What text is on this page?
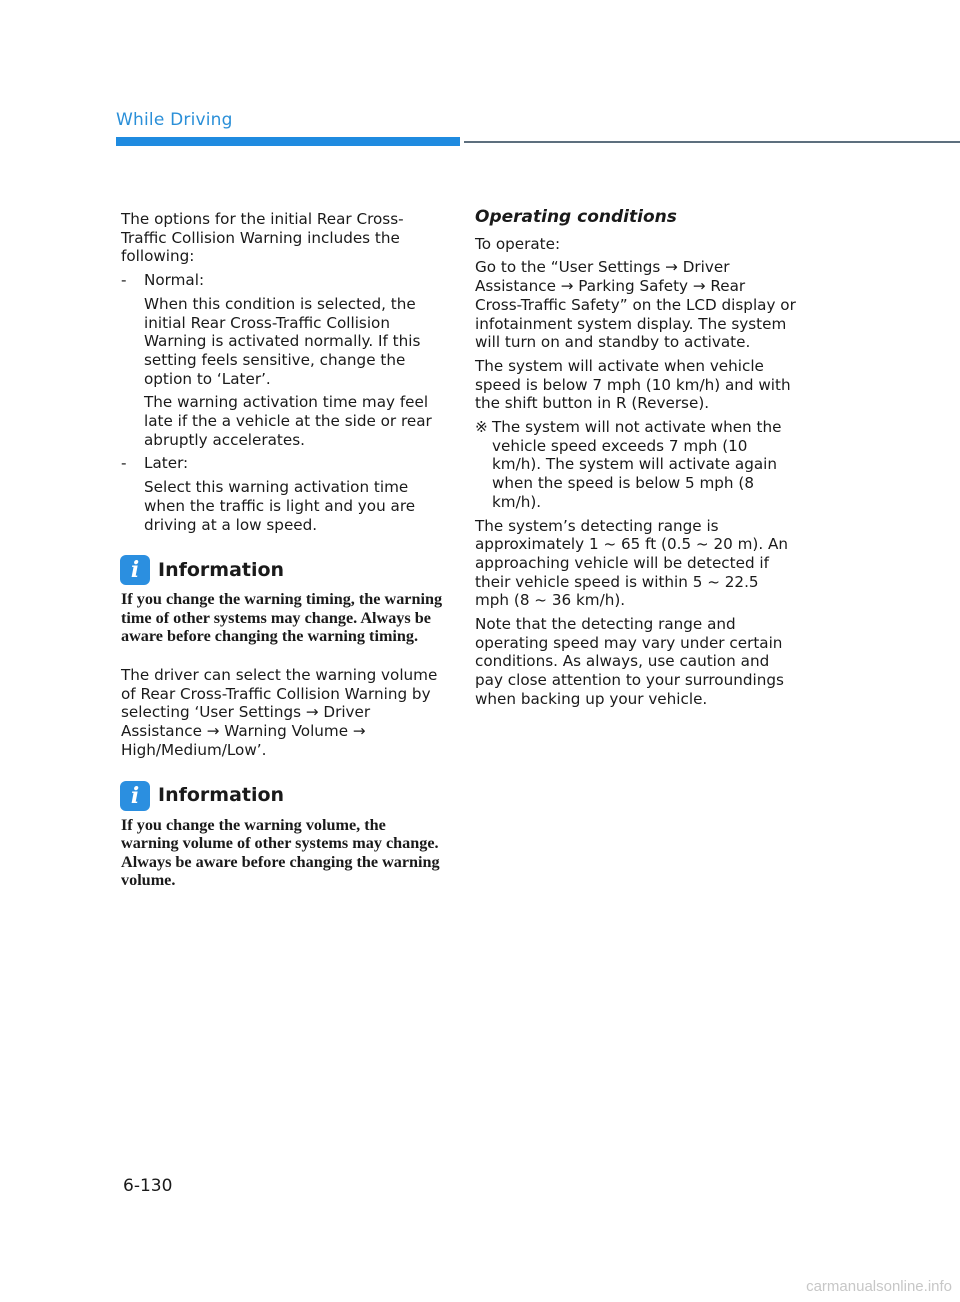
While Driving

The options for the initial Rear Cross-Traffic Collision Warning includes the following:

- Normal:

When this condition is selected, the initial Rear Cross-Traffic Collision Warning is activated normally. If this setting feels sensitive, change the option to ‘Later’.

The warning activation time may feel late if the a vehicle at the side or rear abruptly accelerates.

- Later:

Select this warning activation time when the traffic is light and you are driving at a low speed.

i Information

If you change the warning timing, the warning time of other systems may change. Always be aware before changing the warning timing.

The driver can select the warning volume of Rear Cross-Traffic Collision Warning by selecting ‘User Settings → Driver Assistance → Warning Volume → High/Medium/Low’.

i Information

If you change the warning volume, the warning volume of other systems may change. Always be aware before changing the warning volume.

Operating conditions

To operate:

Go to the “User Settings → Driver Assistance → Parking Safety → Rear Cross-Traffic Safety” on the LCD display or infotainment system display. The system will turn on and standby to activate.

The system will activate when vehicle speed is below 7 mph (10 km/h) and with the shift button in R (Reverse).

※ The system will not activate when the vehicle speed exceeds 7 mph (10 km/h). The system will activate again when the speed is below 5 mph (8 km/h).

The system’s detecting range is approximately 1 ~ 65 ft (0.5 ~ 20 m). An approaching vehicle will be detected if their vehicle speed is within 5 ~ 22.5 mph (8 ~ 36 km/h).

Note that the detecting range and operating speed may vary under certain conditions. As always, use caution and pay close attention to your surroundings when backing up your vehicle.

6-130
carmanualsonline.info
